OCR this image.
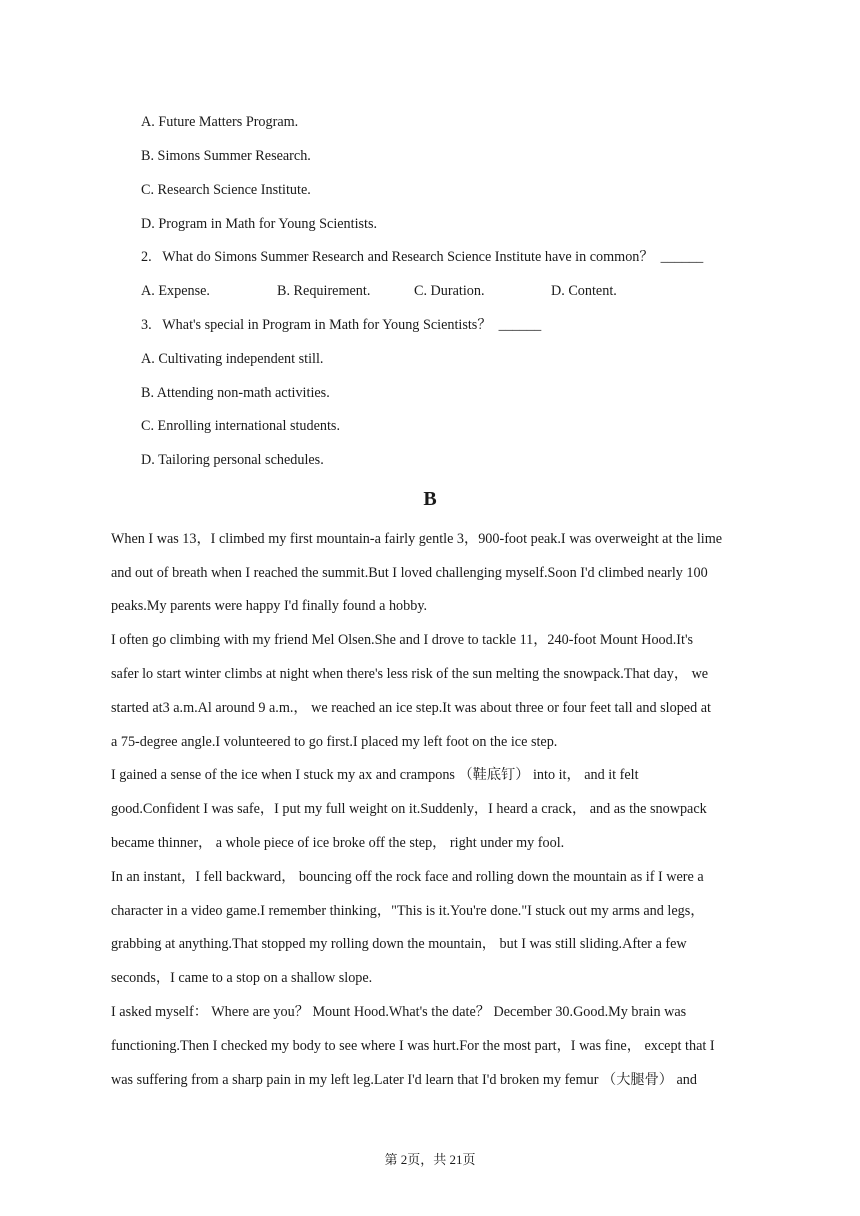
A. Future Matters Program.
B. Simons Summer Research.
C. Research Science Institute.
D. Program in Math for Young Scientists.
2.   What do Simons Summer Research and Research Science Institute have in common？  ______
A. Expense.	B. Requirement.	C. Duration.	D. Content.
3.   What's special in Program in Math for Young Scientists？  ______
A. Cultivating independent still.
B. Attending non-math activities.
C. Enrolling international students.
D. Tailoring personal schedules.
B
When I was 13，I climbed my first mountain-a fairly gentle 3，900-foot peak.I was overweight at the lime
and out of breath when I reached the summit.But I loved challenging myself.Soon I'd climbed nearly 100
peaks.My parents were happy I'd finally found a hobby.
I often go climbing with my friend Mel Olsen.She and I drove to tackle 11，240-foot Mount Hood.It's
safer lo start winter climbs at night when there's less risk of the sun melting the snowpack.That day， we
started at3 a.m.Al around 9 a.m.， we reached an ice step.It was about three or four feet tall and sloped at
a 75-degree angle.I volunteered to go first.I placed my left foot on the ice step.
I gained a sense of the ice when I stuck my ax and crampons （鞋底钉） into it， and it felt
good.Confident I was safe，I put my full weight on it.Suddenly，I heard a crack， and as the snowpack
became thinner， a whole piece of ice broke off the step， right under my fool.
In an instant，I fell backward， bouncing off the rock face and rolling down the mountain as if I were a
character in a video game.I remember thinking，"This is it.You're done."I stuck out my arms and legs，
grabbing at anything.That stopped my rolling down the mountain， but I was still sliding.After a few
seconds，I came to a stop on a shallow slope.
I asked myself： Where are you？ Mount Hood.What's the date？ December 30.Good.My brain was
functioning.Then I checked my body to see where I was hurt.For the most part，I was fine， except that I
was suffering from a sharp pain in my left leg.Later I'd learn that I'd broken my femur （大腿骨） and
第 2页，共 21页
